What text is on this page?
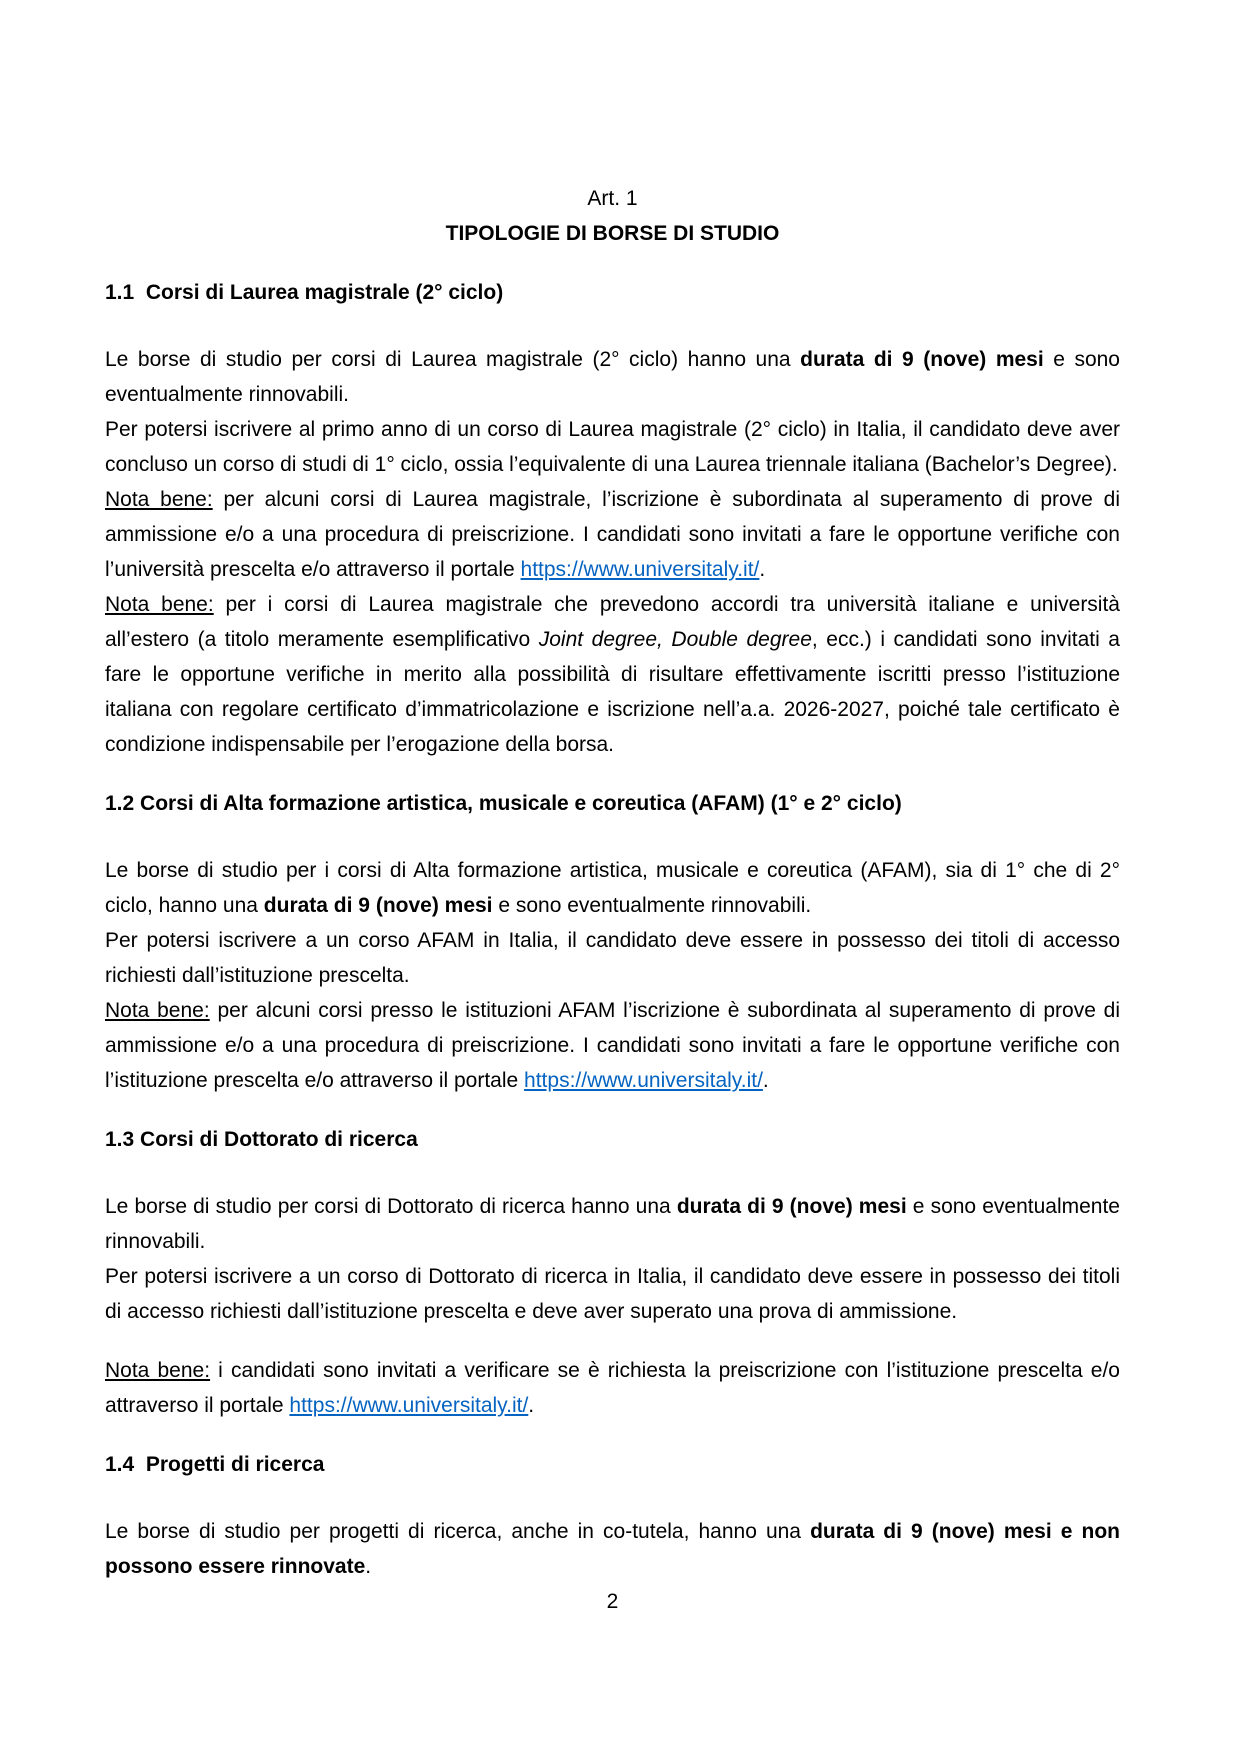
Art. 1
TIPOLOGIE DI BORSE DI STUDIO
1.1  Corsi di Laurea magistrale (2° ciclo)

Le borse di studio per corsi di Laurea magistrale (2° ciclo) hanno una durata di 9 (nove) mesi e sono eventualmente rinnovabili.

Per potersi iscrivere al primo anno di un corso di Laurea magistrale (2° ciclo) in Italia, il candidato deve aver concluso un corso di studi di 1° ciclo, ossia l’equivalente di una Laurea triennale italiana (Bachelor’s Degree).

Nota bene: per alcuni corsi di Laurea magistrale, l’iscrizione è subordinata al superamento di prove di ammissione e/o a una procedura di preiscrizione. I candidati sono invitati a fare le opportune verifiche con l’università prescelta e/o attraverso il portale https://www.universitaly.it/.

Nota bene: per i corsi di Laurea magistrale che prevedono accordi tra università italiane e università all’estero (a titolo meramente esemplificativo Joint degree, Double degree, ecc.) i candidati sono invitati a fare le opportune verifiche in merito alla possibilità di risultare effettivamente iscritti presso l’istituzione italiana con regolare certificato d’immatricolazione e iscrizione nell’a.a. 2026-2027, poiché tale certificato è condizione indispensabile per l’erogazione della borsa.

1.2 Corsi di Alta formazione artistica, musicale e coreutica (AFAM) (1° e 2° ciclo)

Le borse di studio per i corsi di Alta formazione artistica, musicale e coreutica (AFAM), sia di 1° che di 2° ciclo, hanno una durata di 9 (nove) mesi e sono eventualmente rinnovabili.

Per potersi iscrivere a un corso AFAM in Italia, il candidato deve essere in possesso dei titoli di accesso richiesti dall’istituzione prescelta.

Nota bene: per alcuni corsi presso le istituzioni AFAM l’iscrizione è subordinata al superamento di prove di ammissione e/o a una procedura di preiscrizione. I candidati sono invitati a fare le opportune verifiche con l’istituzione prescelta e/o attraverso il portale https://www.universitaly.it/.

1.3 Corsi di Dottorato di ricerca

Le borse di studio per corsi di Dottorato di ricerca hanno una durata di 9 (nove) mesi e sono eventualmente rinnovabili.

Per potersi iscrivere a un corso di Dottorato di ricerca in Italia, il candidato deve essere in possesso dei titoli di accesso richiesti dall’istituzione prescelta e deve aver superato una prova di ammissione.

Nota bene: i candidati sono invitati a verificare se è richiesta la preiscrizione con l’istituzione prescelta e/o attraverso il portale https://www.universitaly.it/.

1.4  Progetti di ricerca

Le borse di studio per progetti di ricerca, anche in co-tutela, hanno una durata di 9 (nove) mesi e non possono essere rinnovate.

2
